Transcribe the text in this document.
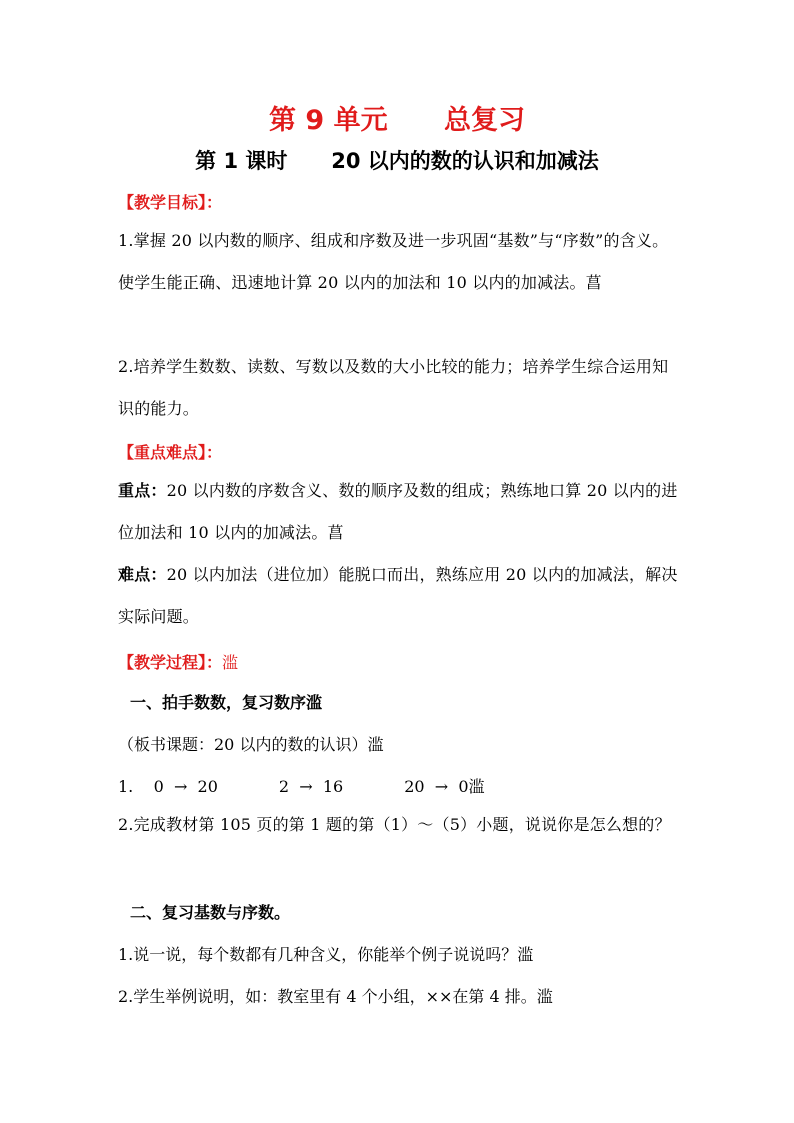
第 9 单元      总复习
第 1 课时      20 以内的数的认识和加减法
【教学目标】：
1.掌握 20 以内数的顺序、组成和序数及进一步巩固“基数”与“序数”的含义。使学生能正确、迅速地计算 20 以内的加法和 10 以内的加减法。菖
2.培养学生数数、读数、写数以及数的大小比较的能力；培养学生综合运用知识的能力。
【重点难点】：
重点：20 以内数的序数含义、数的顺序及数的组成；熟练地口算 20 以内的进位加法和 10 以内的加减法。菖
难点：20 以内加法（进位加）能脱口而出，熟练应用 20 以内的加减法，解决实际问题。
【教学过程】：滥
一、拍手数数，复习数序滥
（板书课题：20 以内的数的认识）滥
1.    0  →  20            2  →  16            20  →  0滥
2.完成教材第 105 页的第 1 题的第（1）～（5）小题，说说你是怎么想的？
二、复习基数与序数。
1.说一说，每个数都有几种含义，你能举个例子说说吗？滥
2.学生举例说明，如：教室里有 4 个小组，××在第 4 排。滥
